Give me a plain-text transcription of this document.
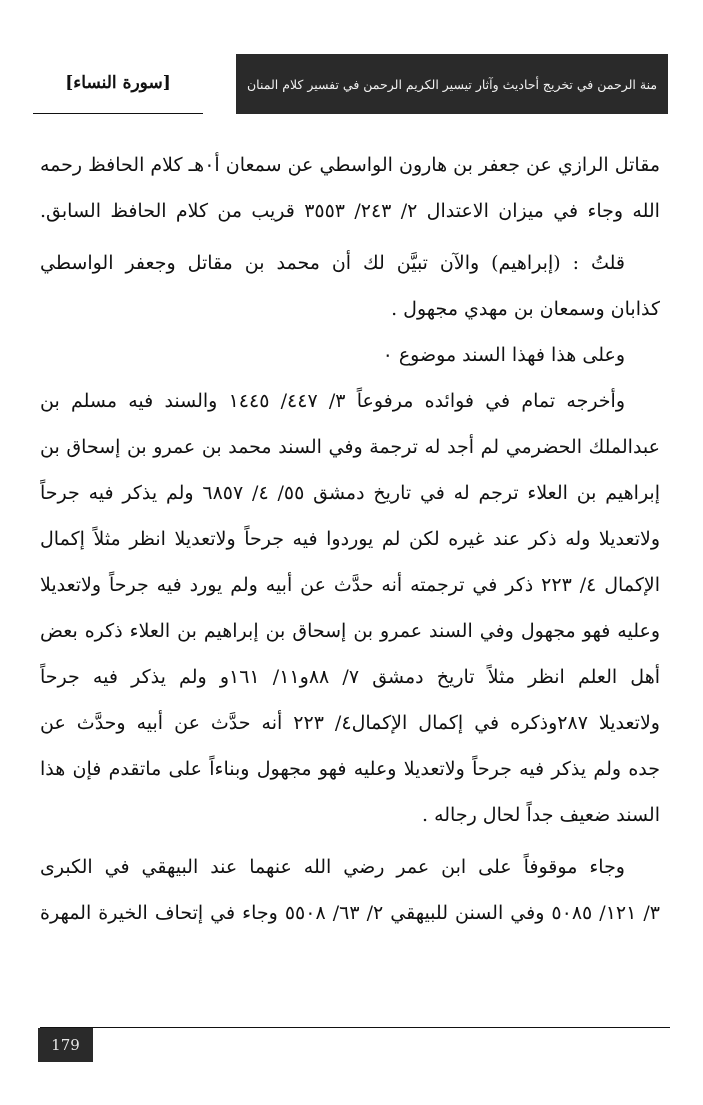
منة الرحمن في تخريج أحاديث وآثار تيسير الكريم الرحمن في تفسير كلام المنان
[سورة النساء]
مقاتل الرازي عن جعفر بن هارون الواسطي عن سمعان أ٠هـ كلام الحافظ رحمه
الله وجاء في ميزان الاعتدال ٢/ ٢٤٣/ ٣٥٥٣ قريب من كلام الحافظ السابق.
قلتُ : (إبراهيم) والآن تبيَّن لك أن محمد بن مقاتل وجعفر الواسطي
كذابان وسمعان بن مهدي مجهول .
وعلى هذا فهذا السند موضوع ٠
وأخرجه تمام في فوائده مرفوعاً ٣/ ٤٤٧/ ١٤٤٥ والسند فيه مسلم بن
عبدالملك الحضرمي لم أجد له ترجمة وفي السند محمد بن عمرو بن إسحاق بن
إبراهيم بن العلاء ترجم له في تاريخ دمشق ٥٥/ ٤/ ٦٨٥٧ ولم يذكر فيه جرحاً
ولاتعديلا وله ذكر عند غيره لكن لم يوردوا فيه جرحاً ولاتعديلا انظر مثلاً إكمال
الإكمال ٤/ ٢٢٣ ذكر في ترجمته أنه حدَّث عن أبيه ولم يورد فيه جرحاً ولاتعديلا
وعليه فهو مجهول وفي السند عمرو بن إسحاق بن إبراهيم بن العلاء ذكره بعض
أهل العلم انظر مثلاً تاريخ دمشق ٧/ ٨٨و١١/ ١٦١و ولم يذكر فيه جرحاً
ولاتعديلا ٢٨٧وذكره في إكمال الإكمال٤/ ٢٢٣ أنه حدَّث عن أبيه وحدَّث عن
جده ولم يذكر فيه جرحاً ولاتعديلا وعليه فهو مجهول وبناءاً على ماتقدم فإن هذا
السند ضعيف جداً لحال رجاله .
وجاء موقوفاً على ابن عمر رضي الله عنهما عند البيهقي في الكبرى
٣/ ١٢١/ ٥٠٨٥ وفي السنن للبيهقي ٢/ ٦٣/ ٥٥٠٨ وجاء في إتحاف الخيرة المهرة
179
